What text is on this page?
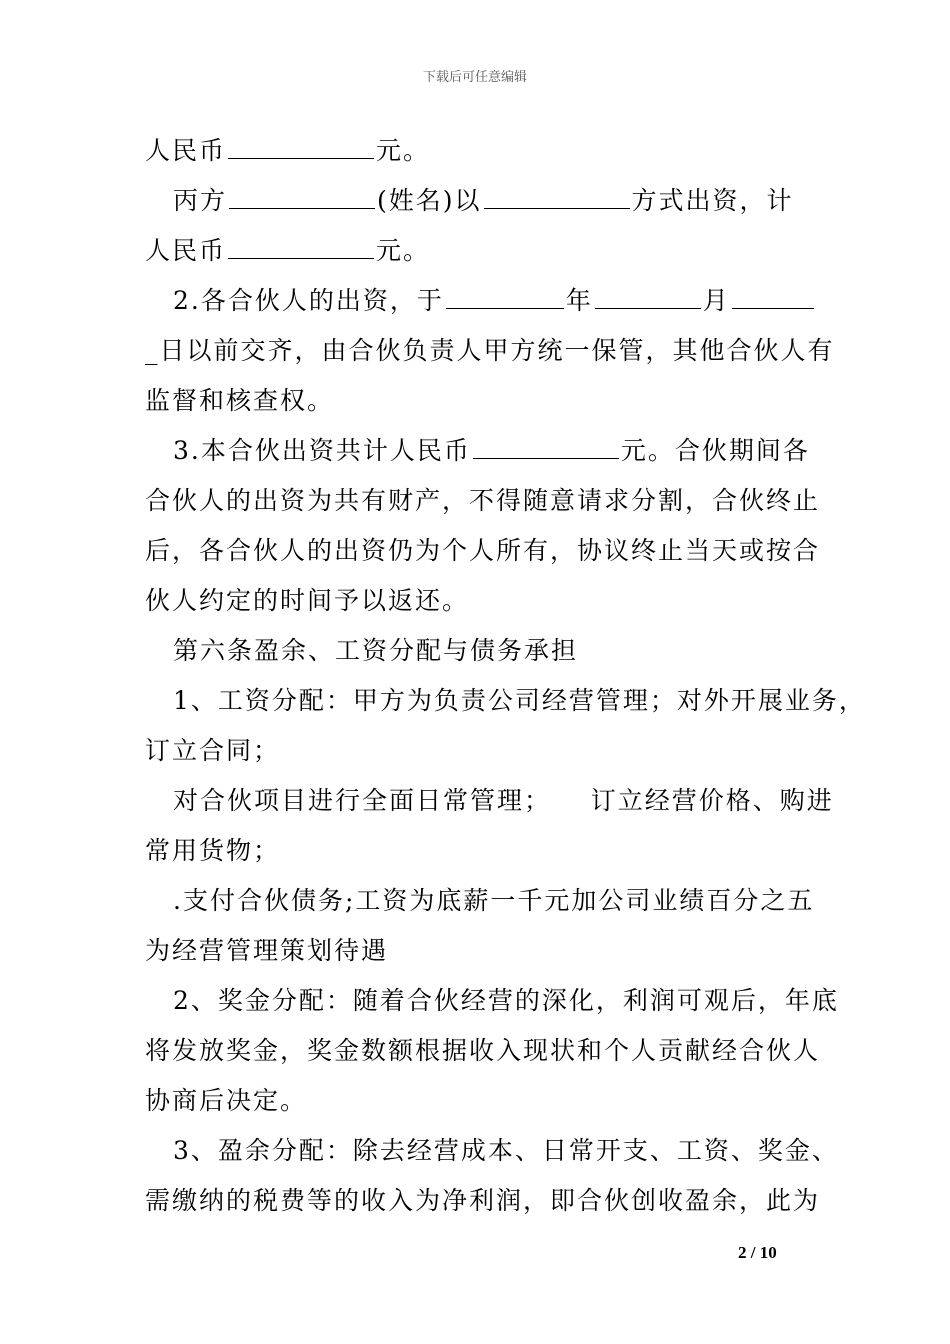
下载后可任意编辑
人民币	元。
丙方	(姓名)以	方式出资，计
人民币	元。
2.各合伙人的出资，于	年	月
_日以前交齐，由合伙负责人甲方统一保管，其他合伙人有
监督和核查权。
3.本合伙出资共计人民币	元。合伙期间各
合伙人的出资为共有财产，不得随意请求分割，合伙终止
后，各合伙人的出资仍为个人所有，协议终止当天或按合
伙人约定的时间予以返还。
第六条盈余、工资分配与债务承担
1、工资分配：甲方为负责公司经营管理；对外开展业务，
订立合同；
对合伙项目进行全面日常管理；    订立经营价格、购进
常用货物；
.支付合伙债务;工资为底薪一千元加公司业绩百分之五
为经营管理策划待遇
2、奖金分配：随着合伙经营的深化，利润可观后，年底
将发放奖金，奖金数额根据收入现状和个人贡献经合伙人
协商后决定。
3、盈余分配：除去经营成本、日常开支、工资、奖金、
需缴纳的税费等的收入为净利润，即合伙创收盈余，此为
2 / 10
